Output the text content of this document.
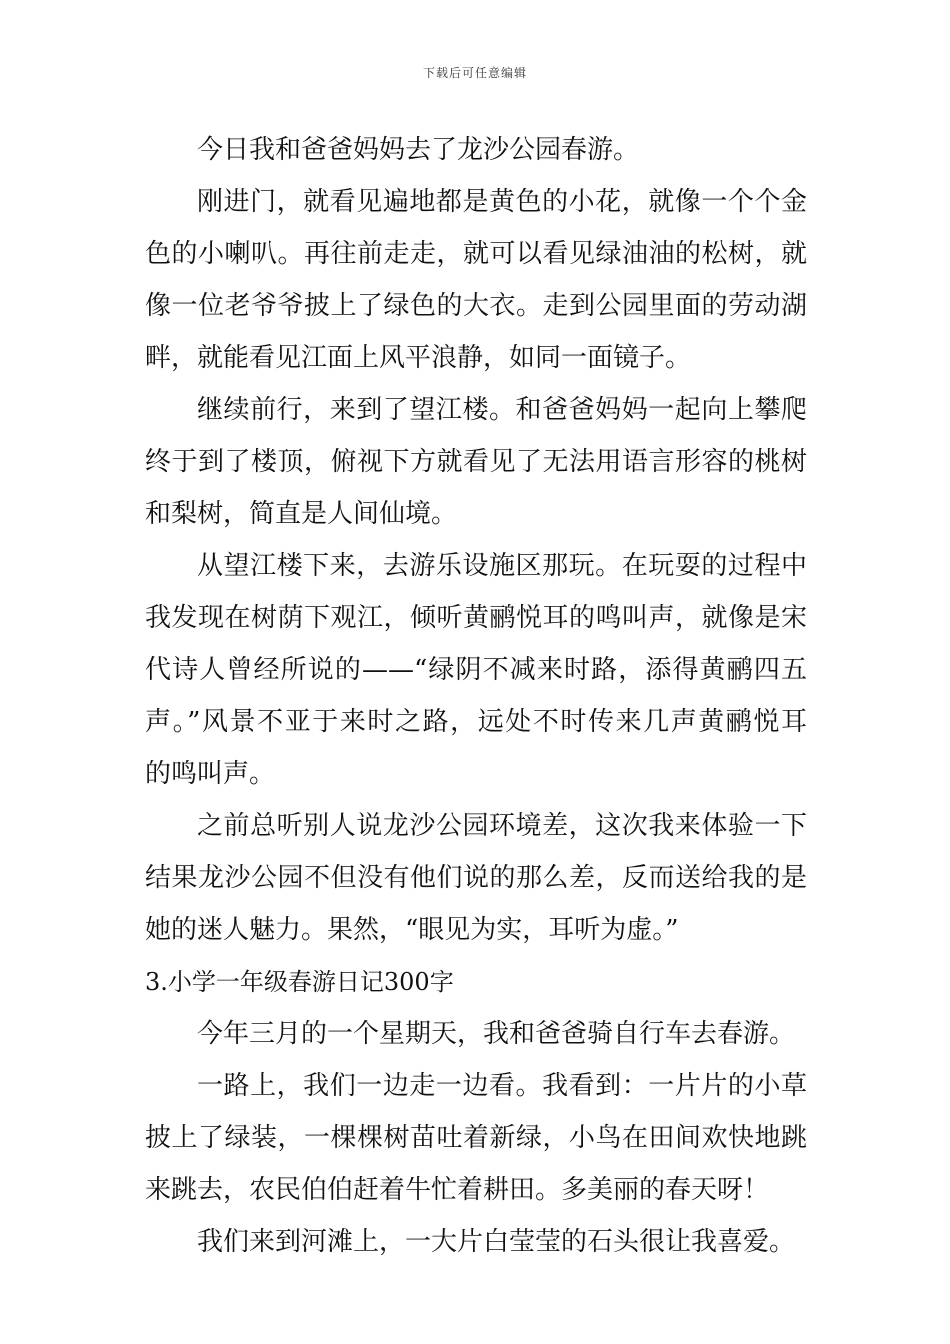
下载后可任意编辑
今日我和爸爸妈妈去了龙沙公园春游。
刚进门，就看见遍地都是黄色的小花，就像一个个金
色的小喇叭。再往前走走，就可以看见绿油油的松树，就
像一位老爷爷披上了绿色的大衣。走到公园里面的劳动湖
畔，就能看见江面上风平浪静，如同一面镜子。
继续前行，来到了望江楼。和爸爸妈妈一起向上攀爬
终于到了楼顶，俯视下方就看见了无法用语言形容的桃树
和梨树，简直是人间仙境。
从望江楼下来，去游乐设施区那玩。在玩耍的过程中
我发现在树荫下观江，倾听黄鹂悦耳的鸣叫声，就像是宋
代诗人曾经所说的——“绿阴不减来时路，添得黄鹂四五
声。”风景不亚于来时之路，远处不时传来几声黄鹂悦耳
的鸣叫声。
之前总听别人说龙沙公园环境差，这次我来体验一下
结果龙沙公园不但没有他们说的那么差，反而送给我的是
她的迷人魅力。果然，“眼见为实，耳听为虚。”
3.小学一年级春游日记300字
今年三月的一个星期天，我和爸爸骑自行车去春游。
一路上，我们一边走一边看。我看到：一片片的小草
披上了绿装，一棵棵树苗吐着新绿，小鸟在田间欢快地跳
来跳去，农民伯伯赶着牛忙着耕田。多美丽的春天呀！
我们来到河滩上，一大片白莹莹的石头很让我喜爱。
